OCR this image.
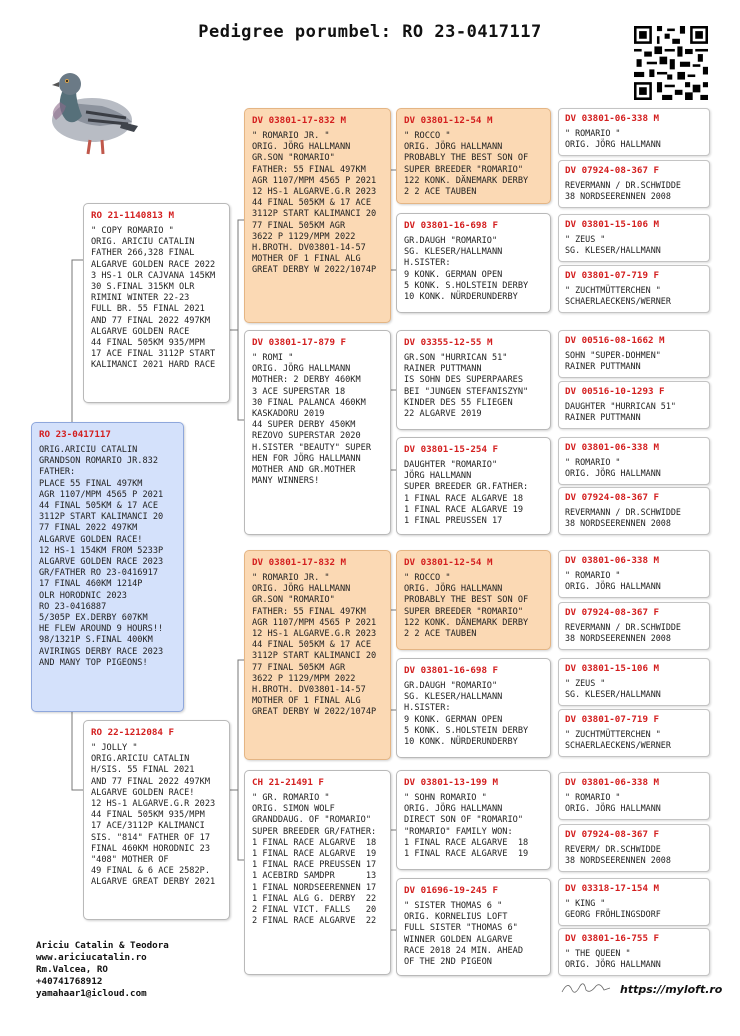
Pedigree porumbel: RO 23-0417117
RO 23-0417117
ORIG.ARICIU CATALIN
GRANDSON ROMARIO JR.832
FATHER:
PLACE 55 FINAL 497KM
AGR 1107/MPM 4565 P 2021
44 FINAL 505KM & 17 ACE
3112P START KALIMANCI 20
77 FINAL 2022 497KM
ALGARVE GOLDEN RACE!
12 HS-1 154KM FROM 5233P
ALGARVE GOLDEN RACE 2023
GR/FATHER RO 23-0416917
17 FINAL 460KM 1214P
OLR HORODNIC 2023
RO 23-0416887
5/305P EX.DERBY 607KM
HE FLEW AROUND 9 HOURS!!
98/1321P S.FINAL 400KM
AVIRINGS DERBY RACE 2023
AND MANY TOP PIGEONS!
RO 21-1140813 M
" COPY ROMARIO "
ORIG. ARICIU CATALIN
FATHER 266,328 FINAL
ALGARVE GOLDEN RACE 2022
3 HS-1 OLR CAJVANA 145KM
30 S.FINAL 315KM OLR
RIMINI WINTER 22-23
FULL BR. 55 FINAL 2021
AND 77 FINAL 2022 497KM
ALGARVE GOLDEN RACE
44 FINAL 505KM 935/MPM
17 ACE FINAL 3112P START
KALIMANCI 2021 HARD RACE
RO 22-1212084 F
" JOLLY "
ORIG.ARICIU CATALIN
H/SIS. 55 FINAL 2021
AND 77 FINAL 2022 497KM
ALGARVE GOLDEN RACE!
12 HS-1 ALGARVE.G.R 2023
44 FINAL 505KM 935/MPM
17 ACE/3112P KALIMANCI
SIS. "814" FATHER OF 17
FINAL 460KM HORODNIC 23
"408" MOTHER OF
49 FINAL & 6 ACE 2582P.
ALGARVE GREAT DERBY 2021
DV 03801-17-832 M
" ROMARIO JR. "
ORIG. JÖRG HALLMANN
GR.SON "ROMARIO"
FATHER: 55 FINAL 497KM
AGR 1107/MPM 4565 P 2021
12 HS-1 ALGARVE.G.R 2023
44 FINAL 505KM & 17 ACE
3112P START KALIMANCI 20
77 FINAL 505KM AGR
3622 P 1129/MPM 2022
H.BROTH. DV03801-14-57
MOTHER OF 1 FINAL ALG
GREAT DERBY W 2022/1074P
DV 03801-17-879 F
" ROMI "
ORIG. JÖRG HALLMANN
MOTHER: 2 DERBY 460KM
3 ACE SUPERSTAR 18
30 FINAL PALANCA 460KM
KASKADORU 2019
44 SUPER DERBY 450KM
REZOVO SUPERSTAR 2020
H.SISTER "BEAUTY" SUPER
HEN FOR JÖRG HALLMANN
MOTHER AND GR.MOTHER
MANY WINNERS!
DV 03801-17-832 M
" ROMARIO JR. "
ORIG. JÖRG HALLMANN
GR.SON "ROMARIO"
FATHER: 55 FINAL 497KM
AGR 1107/MPM 4565 P 2021
12 HS-1 ALGARVE.G.R 2023
44 FINAL 505KM & 17 ACE
3112P START KALIMANCI 20
77 FINAL 505KM AGR
3622 P 1129/MPM 2022
H.BROTH. DV03801-14-57
MOTHER OF 1 FINAL ALG
GREAT DERBY W 2022/1074P
CH 21-21491 F
" GR. ROMARIO "
ORIG. SIMON WOLF
GRANDDAUG. OF "ROMARIO"
SUPER BREEDER GR/FATHER:
1 FINAL RACE ALGARVE  18
1 FINAL RACE ALGARVE  19
1 FINAL RACE PREUSSEN 17
1 ACEBIRD SAMDPR      13
1 FINAL NORDSEERENNEN 17
1 FINAL ALG G. DERBY  22
2 FINAL VICT. FALLS   20
2 FINAL RACE ALGARVE  22
DV 03801-12-54 M
" ROCCO "
ORIG. JÖRG HALLMANN
PROBABLY THE BEST SON OF
SUPER BREEDER "ROMARIO"
122 KONK. DÄNEMARK DERBY
2 2 ACE TAUBEN
DV 03801-16-698 F
GR.DAUGH "ROMARIO"
SG. KLESER/HALLMANN
H.SISTER:
9 KONK. GERMAN OPEN
5 KONK. S.HOLSTEIN DERBY
10 KONK. NÜRDERUNDERBY
DV 03355-12-55 M
GR.SON "HURRICAN 51"
RAINER PUTTMANN
IS SOHN DES SUPERPAARES
BEI "JUNGEN STEFANISZYN"
KINDER DES 55 FLIEGEN
22 ALGARVE 2019
DV 03801-15-254 F
DAUGHTER "ROMARIO"
JÖRG HALLMANN
SUPER BREEDER GR.FATHER:
1 FINAL RACE ALGARVE 18
1 FINAL RACE ALGARVE 19
1 FINAL PREUSSEN 17
DV 03801-12-54 M
" ROCCO "
ORIG. JÖRG HALLMANN
PROBABLY THE BEST SON OF
SUPER BREEDER "ROMARIO"
122 KONK. DÄNEMARK DERBY
2 2 ACE TAUBEN
DV 03801-16-698 F
GR.DAUGH "ROMARIO"
SG. KLESER/HALLMANN
H.SISTER:
9 KONK. GERMAN OPEN
5 KONK. S.HOLSTEIN DERBY
10 KONK. NÜRDERUNDERBY
DV 03801-13-199 M
" SOHN ROMARIO "
ORIG. JÖRG HALLMANN
DIRECT SON OF "ROMARIO"
"ROMARIO" FAMILY WON:
1 FINAL RACE ALGARVE  18
1 FINAL RACE ALGARVE  19
DV 01696-19-245 F
" SISTER THOMAS 6 "
ORIG. KORNELIUS LOFT
FULL SISTER "THOMAS 6"
WINNER GOLDEN ALGARVE
RACE 2018 24 MIN. AHEAD
OF THE 2ND PIGEON
DV 03801-06-338 M
" ROMARIO "
ORIG. JÖRG HALLMANN
DV 07924-08-367 F
REVERMANN / DR.SCHWIDDE
38 NORDSEERENNEN 2008
DV 03801-15-106 M
" ZEUS "
SG. KLESER/HALLMANN
DV 03801-07-719 F
" ZUCHTMÜTTERCHEN "
SCHAERLAECKENS/WERNER
DV 00516-08-1662 M
SOHN "SUPER-DOHMEN"
RAINER PUTTMANN
DV 00516-10-1293 F
DAUGHTER "HURRICAN 51"
RAINER PUTTMANN
DV 03801-06-338 M
" ROMARIO "
ORIG. JÖRG HALLMANN
DV 07924-08-367 F
REVERMANN / DR.SCHWIDDE
38 NORDSEERENNEN 2008
DV 03801-06-338 M
" ROMARIO "
ORIG. JÖRG HALLMANN
DV 07924-08-367 F
REVERMANN / DR.SCHWIDDE
38 NORDSEERENNEN 2008
DV 03801-15-106 M
" ZEUS "
SG. KLESER/HALLMANN
DV 03801-07-719 F
" ZUCHTMÜTTERCHEN "
SCHAERLAECKENS/WERNER
DV 03801-06-338 M
" ROMARIO "
ORIG. JÖRG HALLMANN
DV 07924-08-367 F
REVERM/ DR.SCHWIDDE
38 NORDSEERENNEN 2008
DV 03318-17-154 M
" KING "
GEORG FRÖHLINGSDORF
DV 03801-16-755 F
" THE QUEEN "
ORIG. JÖRG HALLMANN
Ariciu Catalin & Teodora
www.ariciucatalin.ro
Rm.Valcea, RO
+40741768912
yamahaar1@icloud.com	https://myloft.ro
